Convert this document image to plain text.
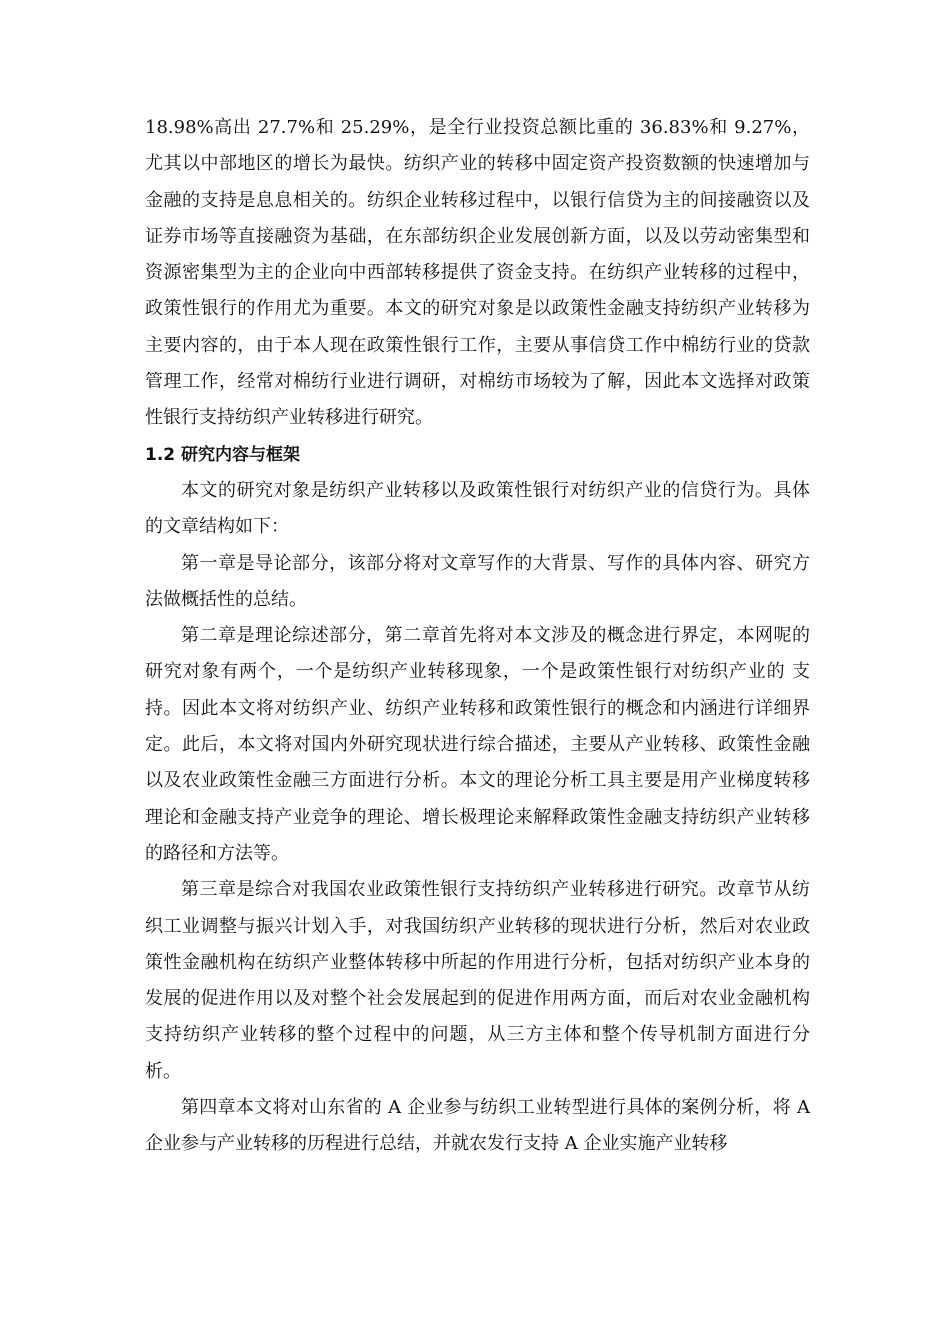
18.98%高出 27.7%和 25.29%，是全行业投资总额比重的 36.83%和 9.27%，尤其以中部地区的增长为最快。纺织产业的转移中固定资产投资数额的快速增加与金融的支持是息息相关的。纺织企业转移过程中，以银行信贷为主的间接融资以及证券市场等直接融资为基础，在东部纺织企业发展创新方面，以及以劳动密集型和资源密集型为主的企业向中西部转移提供了资金支持。在纺织产业转移的过程中，政策性银行的作用尤为重要。本文的研究对象是以政策性金融支持纺织产业转移为主要内容的，由于本人现在政策性银行工作，主要从事信贷工作中棉纺行业的贷款管理工作，经常对棉纺行业进行调研，对棉纺市场较为了解，因此本文选择对政策性银行支持纺织产业转移进行研究。

1.2 研究内容与框架

本文的研究对象是纺织产业转移以及政策性银行对纺织产业的信贷行为。具体的文章结构如下：

第一章是导论部分，该部分将对文章写作的大背景、写作的具体内容、研究方法做概括性的总结。

第二章是理论综述部分，第二章首先将对本文涉及的概念进行界定，本网呢的研究对象有两个，一个是纺织产业转移现象，一个是政策性银行对纺织产业的 支持。因此本文将对纺织产业、纺织产业转移和政策性银行的概念和内涵进行详细界定。此后，本文将对国内外研究现状进行综合描述，主要从产业转移、政策性金融以及农业政策性金融三方面进行分析。本文的理论分析工具主要是用产业梯度转移理论和金融支持产业竞争的理论、增长极理论来解释政策性金融支持纺织产业转移的路径和方法等。

第三章是综合对我国农业政策性银行支持纺织产业转移进行研究。改章节从纺织工业调整与振兴计划入手，对我国纺织产业转移的现状进行分析，然后对农业政策性金融机构在纺织产业整体转移中所起的作用进行分析，包括对纺织产业本身的发展的促进作用以及对整个社会发展起到的促进作用两方面，而后对农业金融机构支持纺织产业转移的整个过程中的问题，从三方主体和整个传导机制方面进行分析。

第四章本文将对山东省的 A 企业参与纺织工业转型进行具体的案例分析，将 A 企业参与产业转移的历程进行总结，并就农发行支持 A 企业实施产业转移
